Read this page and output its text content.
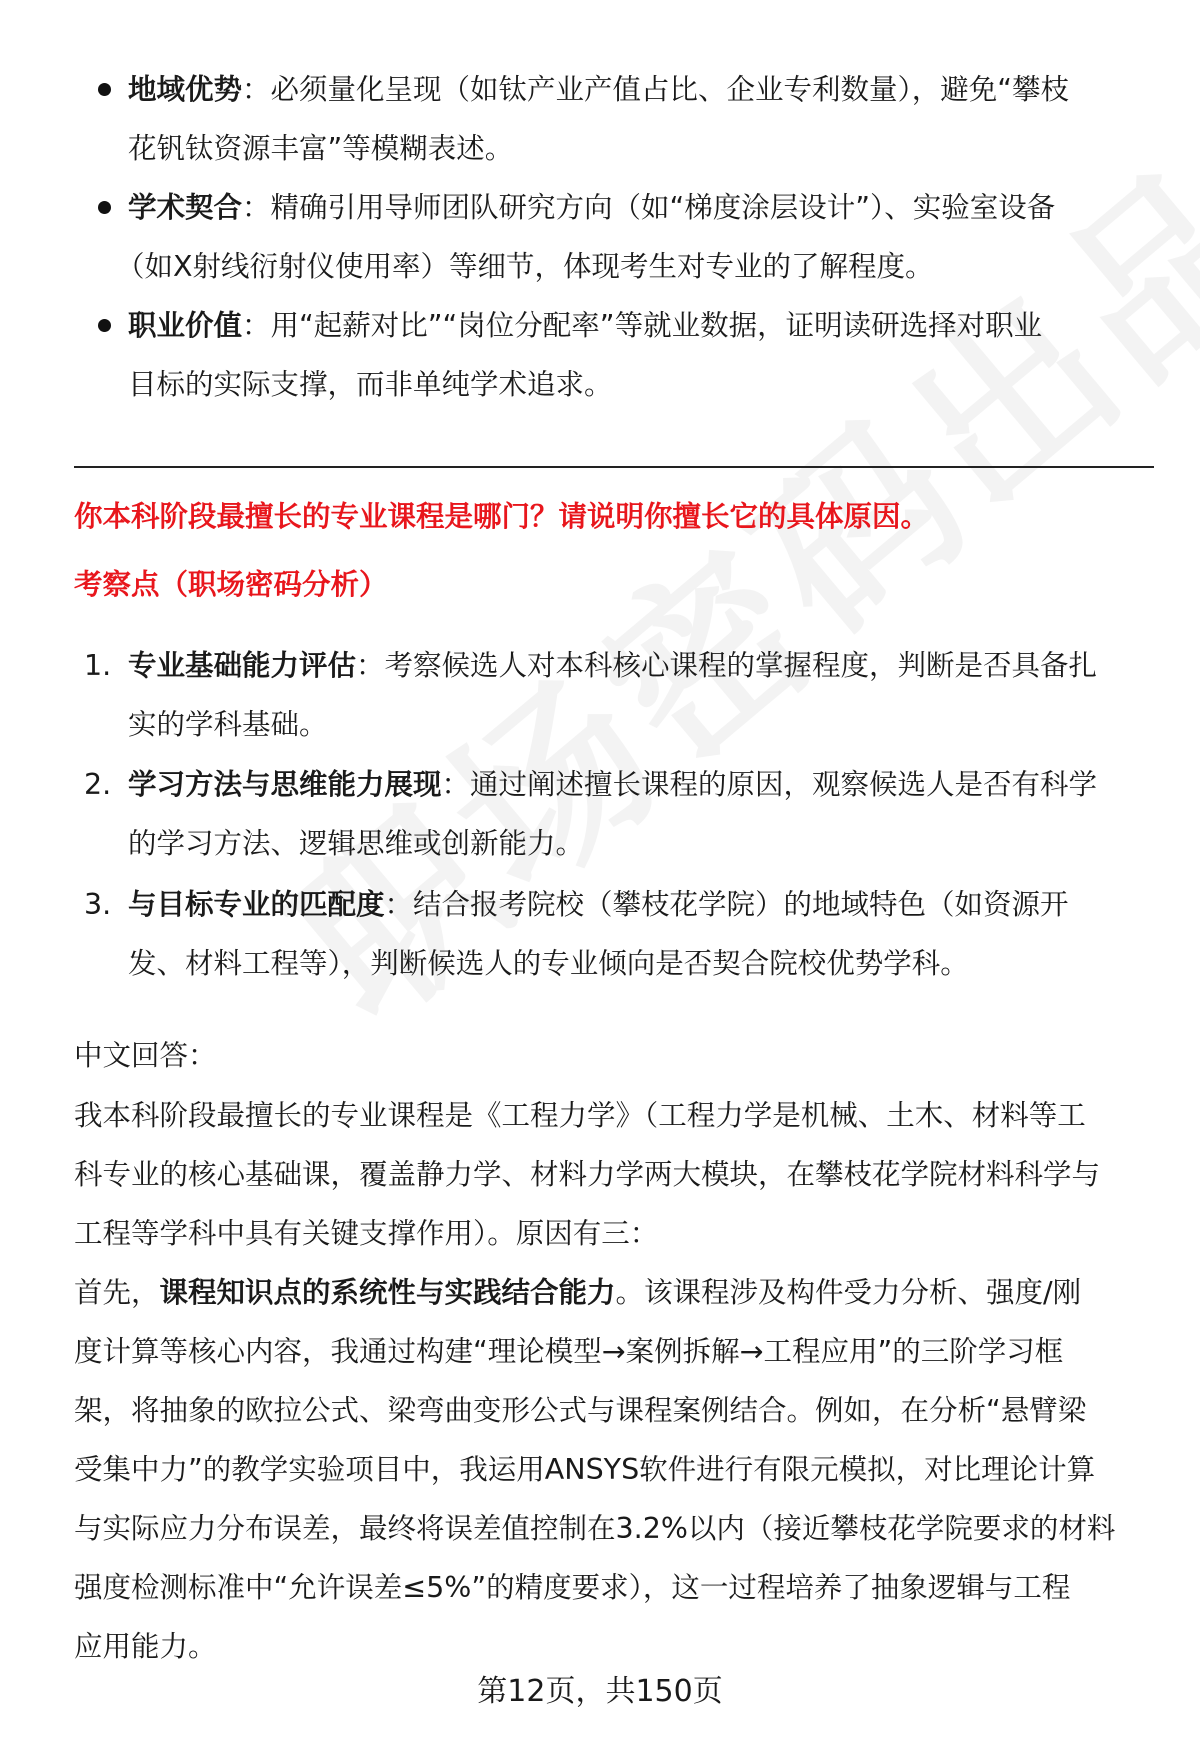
地域优势：必须量化呈现（如钛产业产值占比、企业专利数量），避免“攀枝
花钒钛资源丰富”等模糊表述。
学术契合：精确引用导师团队研究方向（如“梯度涂层设计”）、实验室设备
（如X射线衍射仪使用率）等细节，体现考生对专业的了解程度。
职业价值：用“起薪对比”“岗位分配率”等就业数据，证明读研选择对职业
目标的实际支撑，而非单纯学术追求。
你本科阶段最擅长的专业课程是哪门？请说明你擅长它的具体原因。
考察点（职场密码分析）
1. 专业基础能力评估：考察候选人对本科核心课程的掌握程度，判断是否具备扎
实的学科基础。
2. 学习方法与思维能力展现：通过阐述擅长课程的原因，观察候选人是否有科学
的学习方法、逻辑思维或创新能力。
3. 与目标专业的匹配度：结合报考院校（攀枝花学院）的地域特色（如资源开
发、材料工程等），判断候选人的专业倾向是否契合院校优势学科。
中文回答：
我本科阶段最擅长的专业课程是《工程力学》（工程力学是机械、土木、材料等工
科专业的核心基础课，覆盖静力学、材料力学两大模块，在攀枝花学院材料科学与
工程等学科中具有关键支撑作用）。原因有三：
首先，课程知识点的系统性与实践结合能力。该课程涉及构件受力分析、强度/刚
度计算等核心内容，我通过构建“理论模型→案例拆解→工程应用”的三阶学习框
架，将抽象的欧拉公式、梁弯曲变形公式与课程案例结合。例如，在分析“悬臂梁
受集中力”的教学实验项目中，我运用ANSYS软件进行有限元模拟，对比理论计算
与实际应力分布误差，最终将误差值控制在3.2%以内（接近攀枝花学院要求的材料
强度检测标准中“允许误差≤5%”的精度要求），这一过程培养了抽象逻辑与工程
应用能力。
第12页，共150页
